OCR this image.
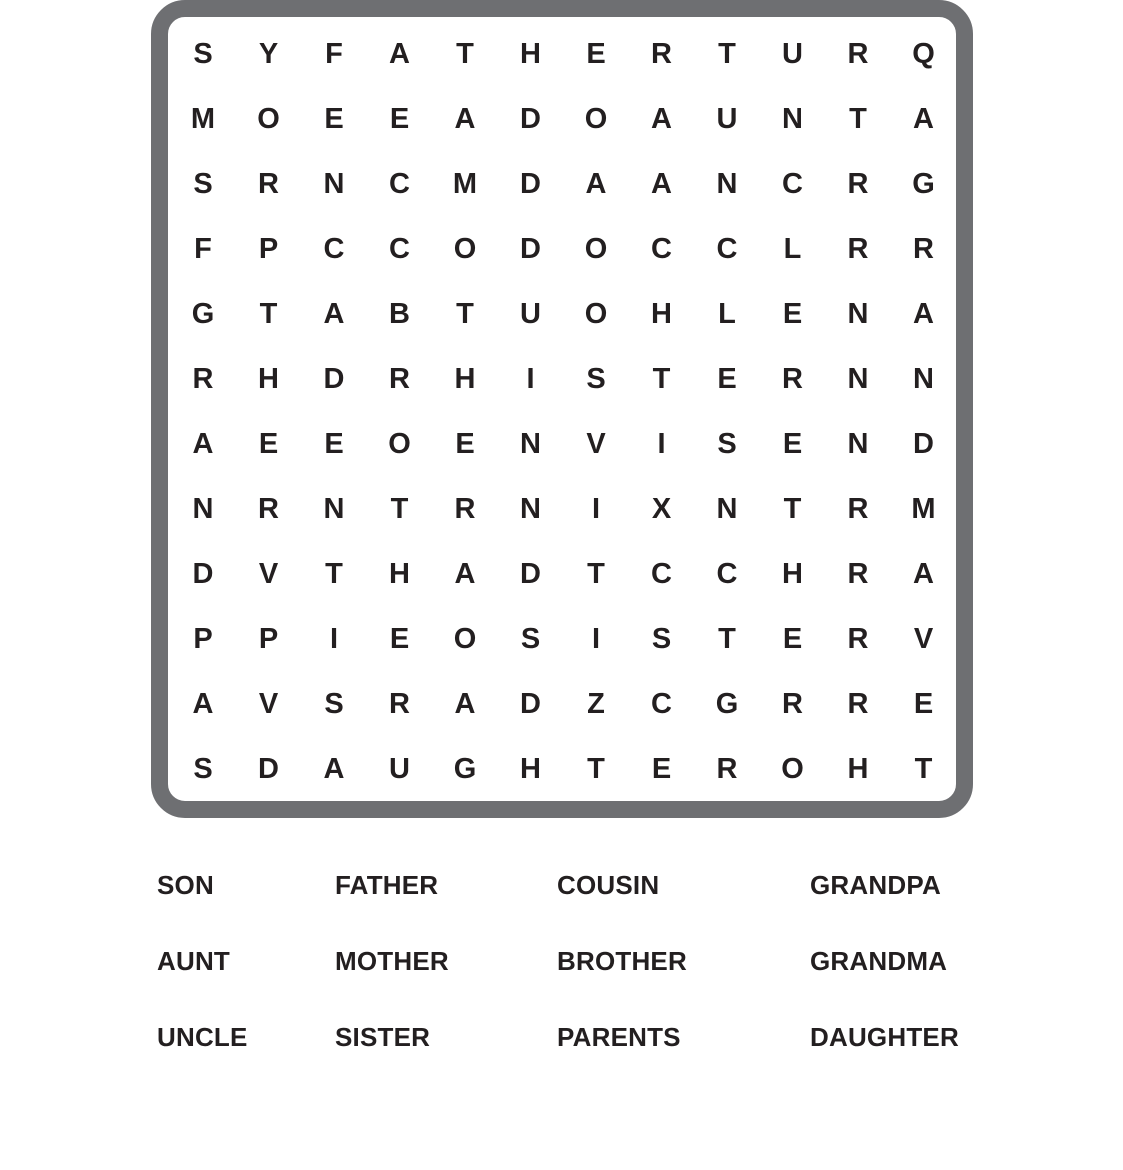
S	Y	F	A	T	H	E	R	T	U	R	Q
M	O	E	E	A	D	O	A	U	N	T	A
S	R	N	C	M	D	A	A	N	C	R	G
F	P	C	C	O	D	O	C	C	L	R	R
G	T	A	B	T	U	O	H	L	E	N	A
R	H	D	R	H	I	S	T	E	R	N	N
A	E	E	O	E	N	V	I	S	E	N	D
N	R	N	T	R	N	I	X	N	T	R	M
D	V	T	H	A	D	T	C	C	H	R	A
P	P	I	E	O	S	I	S	T	E	R	V
A	V	S	R	A	D	Z	C	G	R	R	E
S	D	A	U	G	H	T	E	R	O	H	T
SON	FATHER	COUSIN	GRANDPA
AUNT	MOTHER	BROTHER	GRANDMA
UNCLE	SISTER	PARENTS	DAUGHTER
